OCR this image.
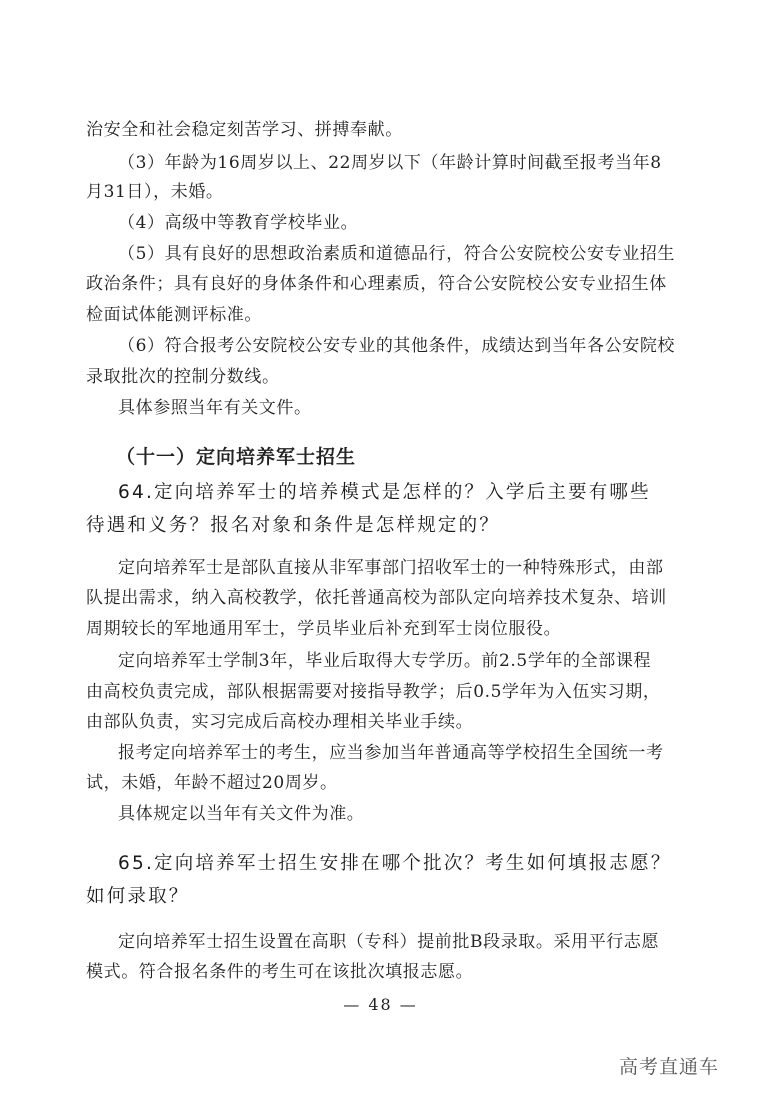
治安全和社会稳定刻苦学习、拼搏奉献。
（3）年龄为16周岁以上、22周岁以下（年龄计算时间截至报考当年8
月31日），未婚。
（4）高级中等教育学校毕业。
（5）具有良好的思想政治素质和道德品行，符合公安院校公安专业招生
政治条件；具有良好的身体条件和心理素质，符合公安院校公安专业招生体
检面试体能测评标准。
（6）符合报考公安院校公安专业的其他条件，成绩达到当年各公安院校
录取批次的控制分数线。
具体参照当年有关文件。
（十一）定向培养军士招生
64.定向培养军士的培养模式是怎样的？入学后主要有哪些
待遇和义务？报名对象和条件是怎样规定的？
定向培养军士是部队直接从非军事部门招收军士的一种特殊形式，由部
队提出需求，纳入高校教学，依托普通高校为部队定向培养技术复杂、培训
周期较长的军地通用军士，学员毕业后补充到军士岗位服役。
定向培养军士学制3年，毕业后取得大专学历。前2.5学年的全部课程
由高校负责完成，部队根据需要对接指导教学；后0.5学年为入伍实习期，
由部队负责，实习完成后高校办理相关毕业手续。
报考定向培养军士的考生，应当参加当年普通高等学校招生全国统一考
试，未婚，年龄不超过20周岁。
具体规定以当年有关文件为准。
65.定向培养军士招生安排在哪个批次？考生如何填报志愿？
如何录取？
定向培养军士招生设置在高职（专科）提前批B段录取。采用平行志愿
模式。符合报名条件的考生可在该批次填报志愿。
— 48 —
高考直通车
